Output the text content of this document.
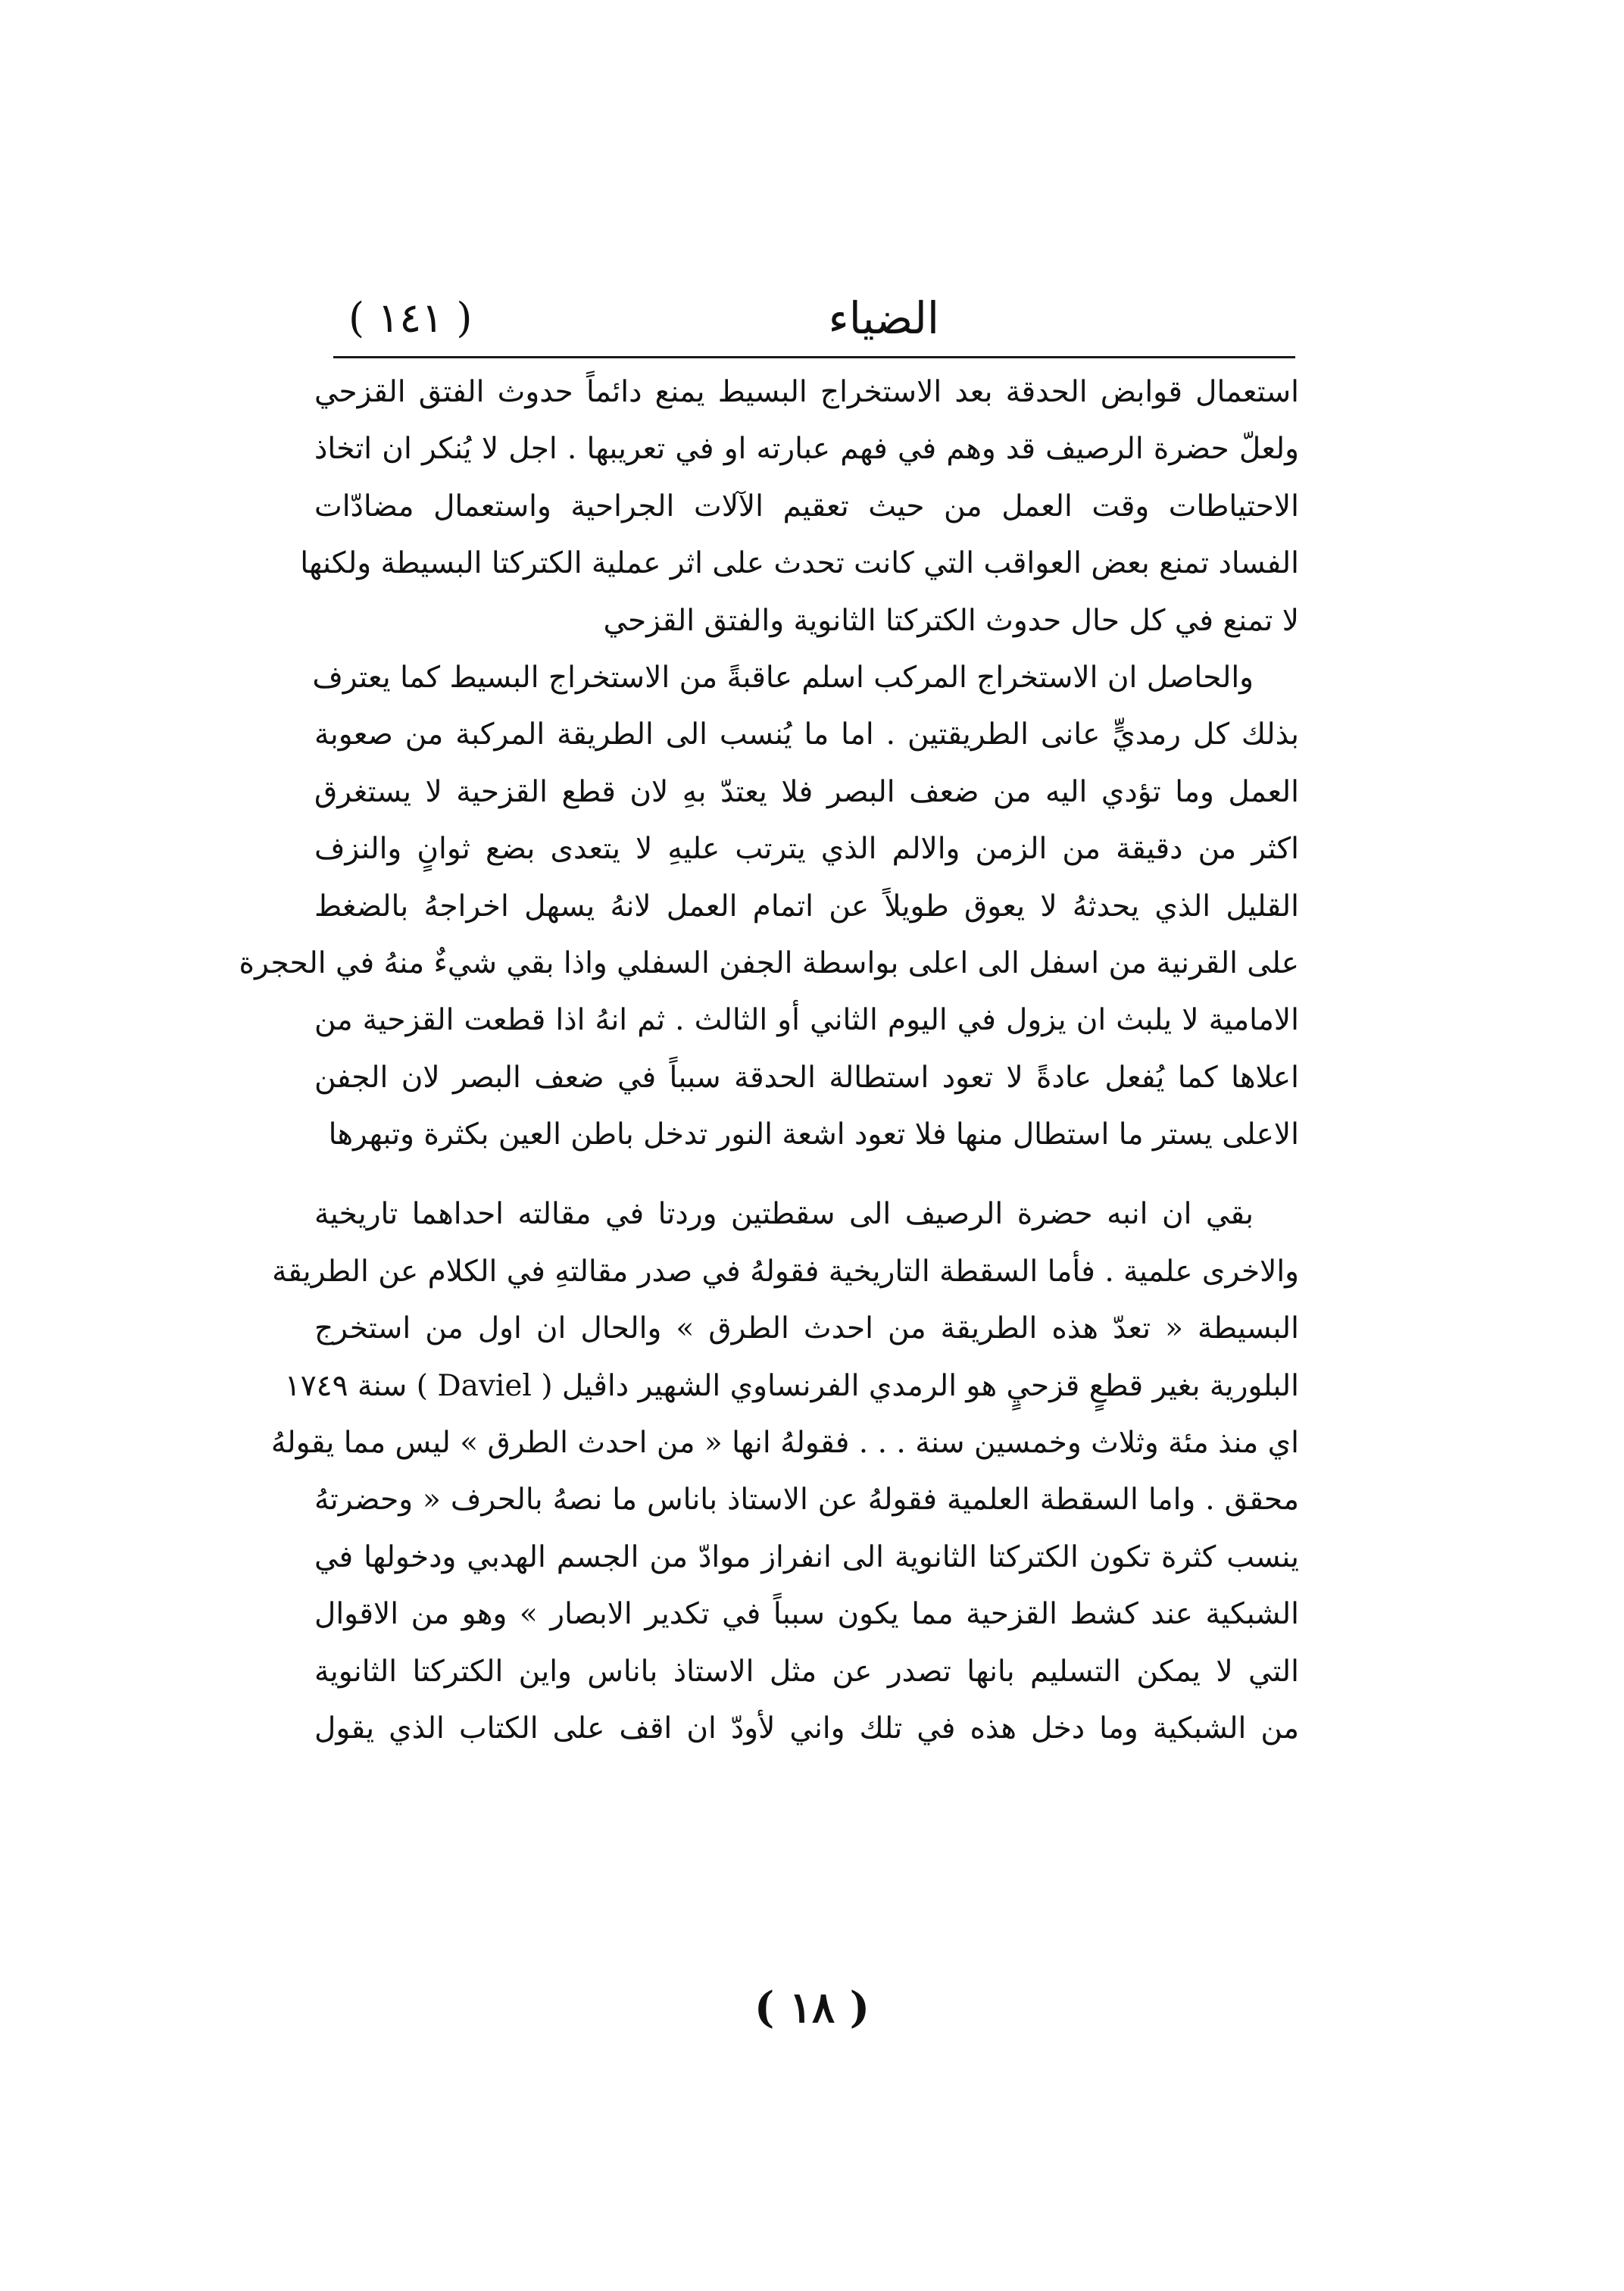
الضياء
( ١٤١ )
استعمال قوابض الحدقة بعد الاستخراج البسيط يمنع دائماً حدوث الفتق القزحي
ولعلّ حضرة الرصيف قد وهم في فهم عبارته او في تعريبها . اجل لا يُنكر ان اتخاذ
الاحتياطات وقت العمل من حيث تعقيم الآلات الجراحية واستعمال مضادّات
الفساد تمنع بعض العواقب التي كانت تحدث على اثر عملية الكتركتا البسيطة ولكنها
لا تمنع في كل حال حدوث الكتركتا الثانوية والفتق القزحي
والحاصل ان الاستخراج المركب اسلم عاقبةً من الاستخراج البسيط كما يعترف
بذلك كل رمديٍّ عانى الطريقتين . اما ما يُنسب الى الطريقة المركبة من صعوبة
العمل وما تؤدي اليه من ضعف البصر فلا يعتدّ بهِ لان قطع القزحية لا يستغرق
اكثر من دقيقة من الزمن والالم الذي يترتب عليهِ لا يتعدى بضع ثوانٍ والنزف
القليل الذي يحدثهُ لا يعوق طويلاً عن اتمام العمل لانهُ يسهل اخراجهُ بالضغط
على القرنية من اسفل الى اعلى بواسطة الجفن السفلي واذا بقي شيءٌ منهُ في الحجرة
الامامية لا يلبث ان يزول في اليوم الثاني أو الثالث . ثم انهُ اذا قطعت القزحية من
اعلاها كما يُفعل عادةً لا تعود استطالة الحدقة سبباً في ضعف البصر لان الجفن
الاعلى يستر ما استطال منها فلا تعود اشعة النور تدخل باطن العين بكثرة وتبهرها
بقي ان انبه حضرة الرصيف الى سقطتين وردتا في مقالته احداهما تاريخية
والاخرى علمية . فأما السقطة التاريخية فقولهُ في صدر مقالتهِ في الكلام عن الطريقة
البسيطة « تعدّ هذه الطريقة من احدث الطرق » والحال ان اول من استخرج
البلورية بغير قطعٍ قزحيٍ هو الرمدي الفرنساوي الشهير داڤيل ( Daviel ) سنة ١٧٤٩
اي منذ مئة وثلاث وخمسين سنة . . . فقولهُ انها « من احدث الطرق » ليس مما يقولهُ
محقق . واما السقطة العلمية فقولهُ عن الاستاذ باناس ما نصهُ بالحرف « وحضرتهُ
ينسب كثرة تكون الكتركتا الثانوية الى انفراز موادّ من الجسم الهدبي ودخولها في
الشبكية عند كشط القزحية مما يكون سبباً في تكدير الابصار » وهو من الاقوال
التي لا يمكن التسليم بانها تصدر عن مثل الاستاذ باناس واين الكتركتا الثانوية
من الشبكية وما دخل هذه في تلك واني لأودّ ان اقف على الكتاب الذي يقول
( ١٨ )
